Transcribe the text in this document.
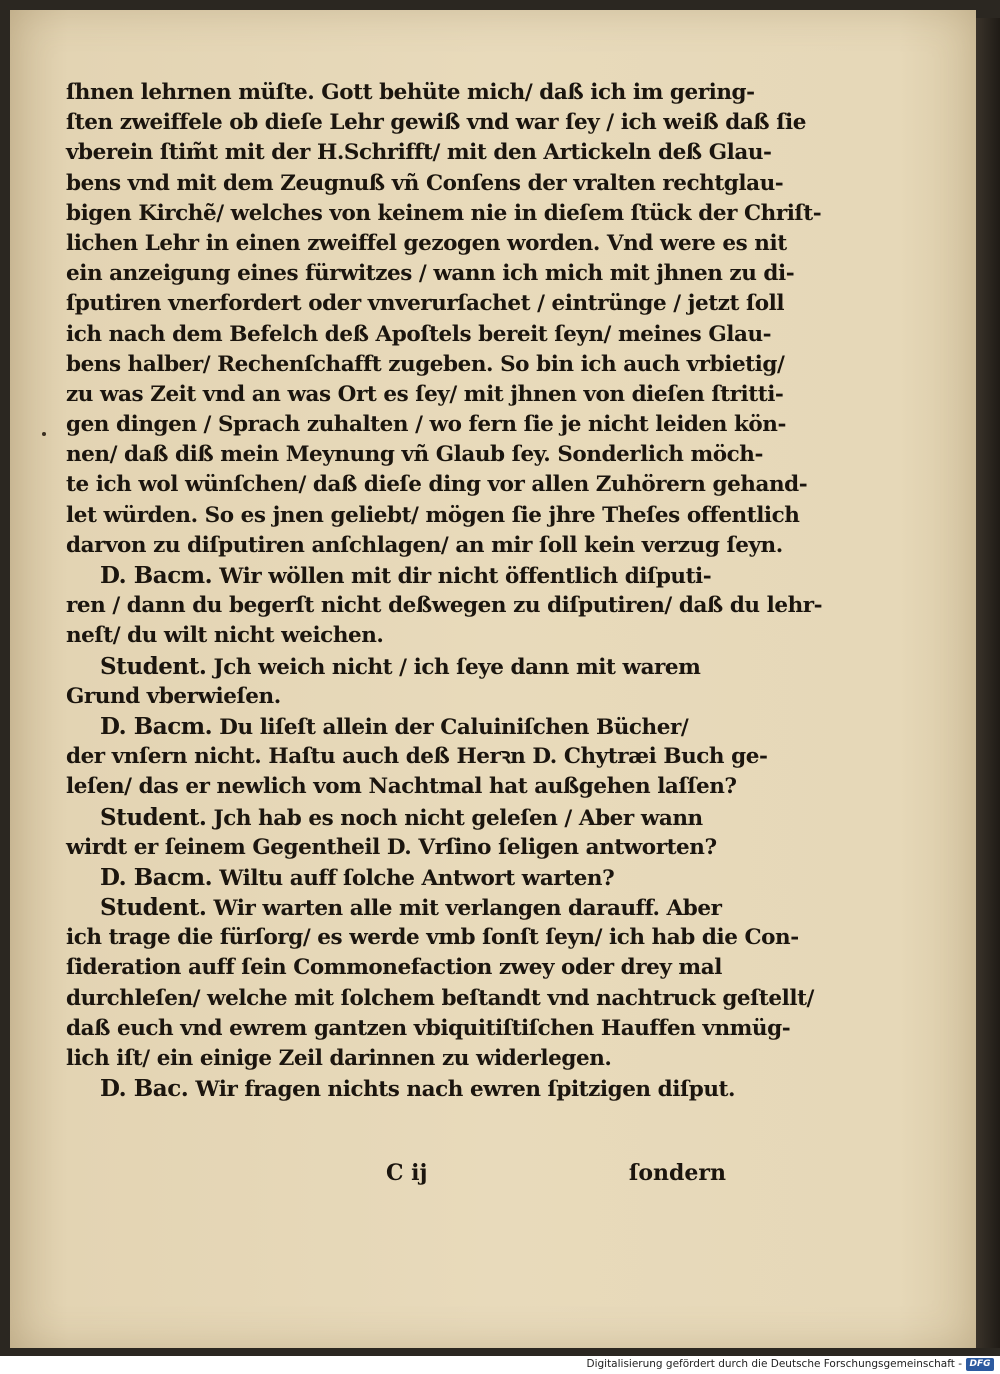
ſhnen lehrnen müſte. Gott behüte mich/ daß ich im gering-
ſten zweiffele ob dieſe Lehr gewiß vnd war ſey / ich weiß daß ſie
vberein ſtim̃t mit der H.Schrifft/ mit den Artickeln deß Glau-
bens vnd mit dem Zeugnuß vñ Conſens der vralten rechtglau-
bigen Kirchẽ/ welches von keinem nie in dieſem ſtück der Chriſt-
lichen Lehr in einen zweiffel gezogen worden. Vnd were es nit
ein anzeigung eines fürwitzes / wann ich mich mit jhnen zu di-
ſputiren vnerfordert oder vnverurſachet / eintrünge / jetzt ſoll
ich nach dem Befelch deß Apoſtels bereit ſeyn/ meines Glau-
bens halber/ Rechenſchafft zugeben. So bin ich auch vrbietig/
zu was Zeit vnd an was Ort es ſey/ mit jhnen von dieſen ſtritti-
gen dingen / Sprach zuhalten / wo fern ſie je nicht leiden kön-
nen/ daß diß mein Meynung vñ Glaub ſey. Sonderlich möch-
te ich wol wünſchen/ daß dieſe ding vor allen Zuhörern gehand-
let würden. So es jnen geliebt/ mögen ſie jhre Theſes offentlich
darvon zu diſputiren anſchlagen/ an mir ſoll kein verzug ſeyn.
D. Bacm. Wir wöllen mit dir nicht öffentlich diſputi-
ren / dann du begerſt nicht deßwegen zu diſputiren/ daß du lehr-
neſt/ du wilt nicht weichen.
Student. Jch weich nicht / ich ſeye dann mit warem
Grund vberwieſen.
D. Bacm. Du liſeſt allein der Caluiniſchen Bücher/
der vnſern nicht. Haſtu auch deß Herꝛn D. Chytræi Buch ge-
leſen/ das er newlich vom Nachtmal hat außgehen laſſen?
Student. Jch hab es noch nicht geleſen / Aber wann
wirdt er ſeinem Gegentheil D. Vrſino ſeligen antworten?
D. Bacm. Wiltu auff ſolche Antwort warten?
Student. Wir warten alle mit verlangen darauff. Aber
ich trage die fürſorg/ es werde vmb ſonſt ſeyn/ ich hab die Con-
ſideration auff ſein Commonefaction zwey oder drey mal
durchleſen/ welche mit ſolchem beſtandt vnd nachtruck geſtellt/
daß euch vnd ewrem gantzen vbiquitiſtiſchen Hauffen vnmüg-
lich iſt/ ein einige Zeil darinnen zu widerlegen.
D. Bac. Wir fragen nichts nach ewren ſpitzigen diſput.
C ij	ſondern
Digitalisierung gefördert durch die Deutsche Forschungsgemeinschaft - DFG
